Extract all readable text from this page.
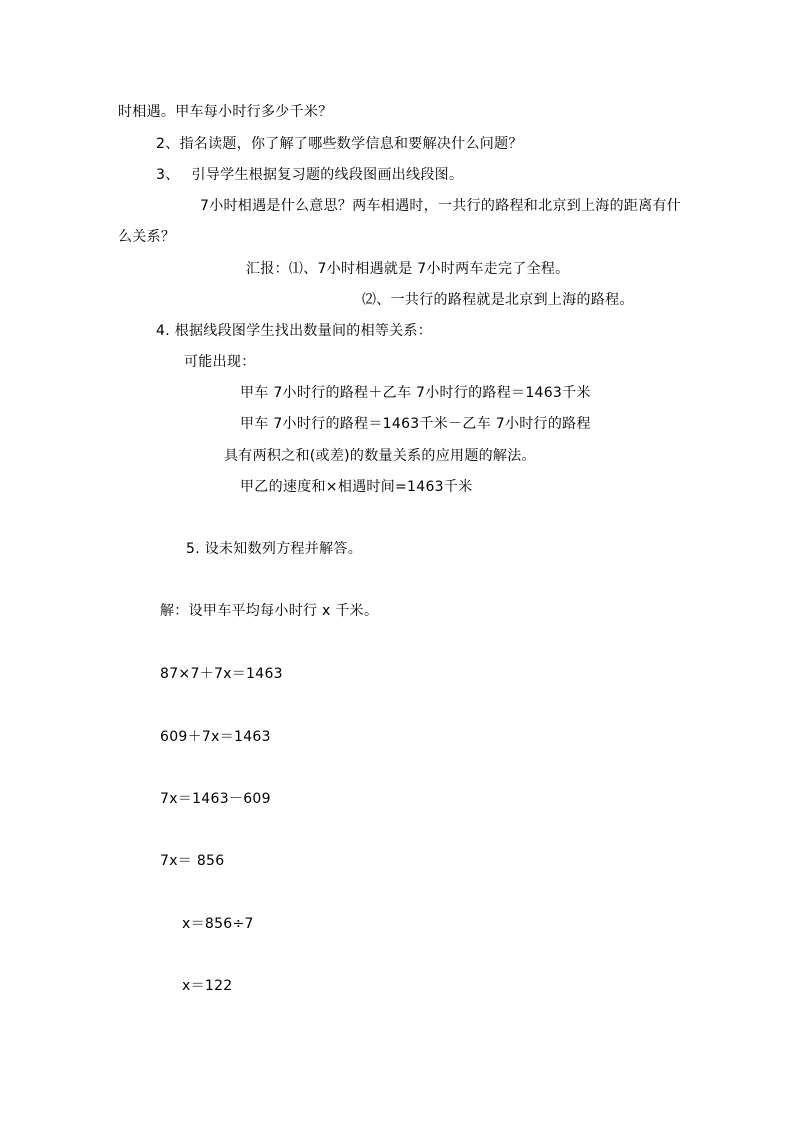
时相遇。甲车每小时行多少千米？
2、指名读题，你了解了哪些数学信息和要解决什么问题？
3、　 引导学生根据复习题的线段图画出线段图。
7小时相遇是什么意思？两车相遇时，一共行的路程和北京到上海的距离有什
么关系？
汇报：⑴、7小时相遇就是 7小时两车走完了全程。
⑵、一共行的路程就是北京到上海的路程。
4. 根据线段图学生找出数量间的相等关系：
可能出现：
甲车 7小时行的路程＋乙车 7小时行的路程＝1463千米
甲车 7小时行的路程＝1463千米－乙车 7小时行的路程
具有两积之和(或差)的数量关系的应用题的解法。
甲乙的速度和×相遇时间=1463千米
5. 设未知数列方程并解答。
解：设甲车平均每小时行 x 千米。
87×7＋7x＝1463
609＋7x＝1463
7x＝1463－609
7x＝ 856
x＝856÷7
x＝122
